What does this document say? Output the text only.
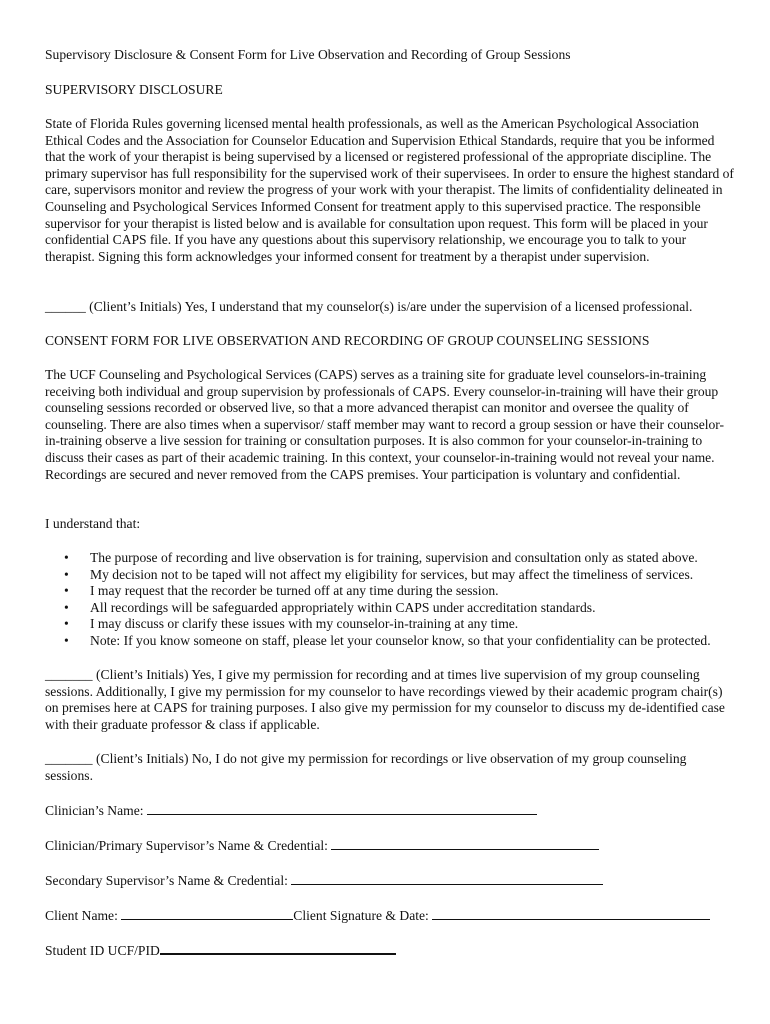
Supervisory Disclosure & Consent Form for Live Observation and Recording of Group Sessions

SUPERVISORY DISCLOSURE

State of Florida Rules governing licensed mental health professionals, as well as the American Psychological Association Ethical Codes and the Association for Counselor Education and Supervision Ethical Standards, require that you be informed that the work of your therapist is being supervised by a licensed or registered professional of the appropriate discipline. The primary supervisor has full responsibility for the supervised work of their supervisees. In order to ensure the highest standard of care, supervisors monitor and review the progress of your work with your therapist. The limits of confidentiality delineated in Counseling and Psychological Services Informed Consent for treatment apply to this supervised practice. The responsible supervisor for your therapist is listed below and is available for consultation upon request. This form will be placed in your confidential CAPS file. If you have any questions about this supervisory relationship, we encourage you to talk to your therapist. Signing this form acknowledges your informed consent for treatment by a therapist under supervision.

______ (Client’s Initials) Yes, I understand that my counselor(s) is/are under the supervision of a licensed professional.

CONSENT FORM FOR LIVE OBSERVATION AND RECORDING OF GROUP COUNSELING SESSIONS

The UCF Counseling and Psychological Services (CAPS) serves as a training site for graduate level counselors-in-training receiving both individual and group supervision by professionals of CAPS. Every counselor-in-training will have their group counseling sessions recorded or observed live, so that a more advanced therapist can monitor and oversee the quality of counseling. There are also times when a supervisor/ staff member may want to record a group session or have their counselor-in-training observe a live session for training or consultation purposes. It is also common for your counselor-in-training to discuss their cases as part of their academic training. In this context, your counselor-in-training would not reveal your name. Recordings are secured and never removed from the CAPS premises. Your participation is voluntary and confidential.

I understand that:

• The purpose of recording and live observation is for training, supervision and consultation only as stated above.
• My decision not to be taped will not affect my eligibility for services, but may affect the timeliness of services.
• I may request that the recorder be turned off at any time during the session.
• All recordings will be safeguarded appropriately within CAPS under accreditation standards.
• I may discuss or clarify these issues with my counselor-in-training at any time.
• Note: If you know someone on staff, please let your counselor know, so that your confidentiality can be protected.

_______ (Client’s Initials) Yes, I give my permission for recording and at times live supervision of my group counseling sessions. Additionally, I give my permission for my counselor to have recordings viewed by their academic program chair(s) on premises here at CAPS for training purposes. I also give my permission for my counselor to discuss my de-identified case with their graduate professor & class if applicable.

_______ (Client’s Initials) No, I do not give my permission for recordings or live observation of my group counseling sessions.

Clinician’s Name:
Clinician/Primary Supervisor’s Name & Credential:
Secondary Supervisor’s Name & Credential:
Client Name:	Client Signature & Date:
Student ID UCF/PID
